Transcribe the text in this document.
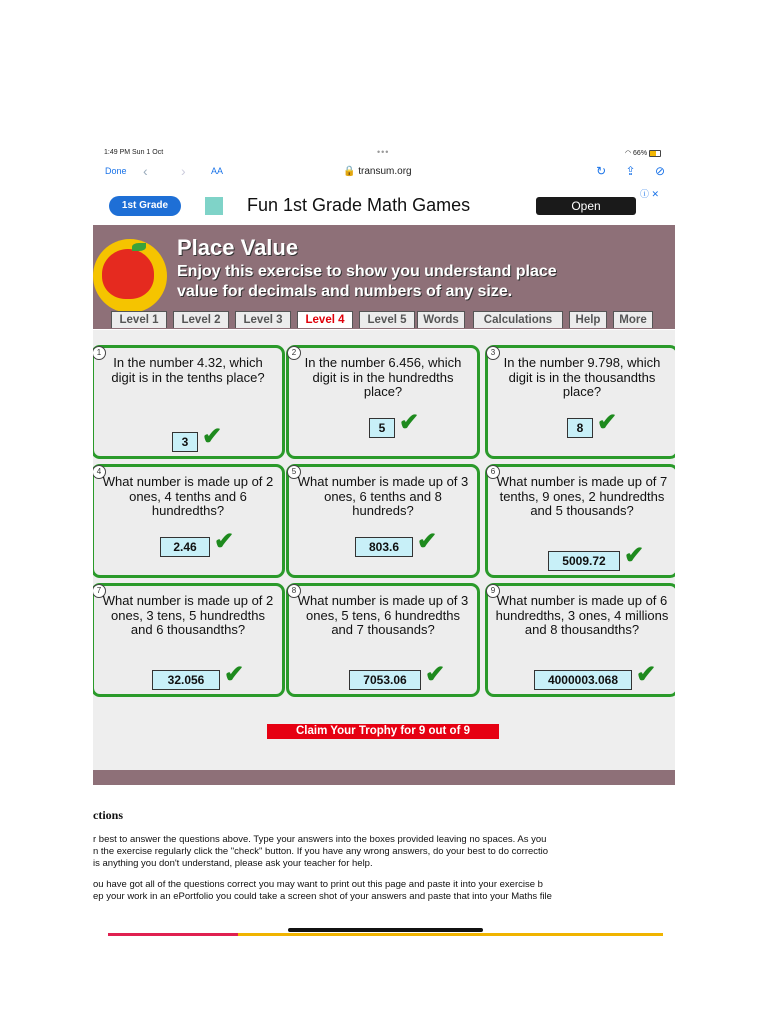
1:49 PM Sun 1 Oct	•••	◠ 66%
Done ‹ ›	AA	🔒 transum.org	↻ ⇪ ⊘
1st Grade	Fun 1st Grade Math Games	Open
ⓘ ✕
Place Value
Enjoy this exercise to show you understand place
value for decimals and numbers of any size.
Level 1	Level 2	Level 3	Level 4	Level 5	Words	Calculations	Help	More
1
In the number 4.32, which digit is in the tenths place?
3 ✔
2
In the number 6.456, which digit is in the hundredths place?
5 ✔
3
In the number 9.798, which digit is in the thousandths place?
8 ✔
4
What number is made up of 2 ones, 4 tenths and 6 hundredths?
2.46 ✔
5
What number is made up of 3 ones, 6 tenths and 8 hundreds?
803.6 ✔
6
What number is made up of 7 tenths, 9 ones, 2 hundredths and 5 thousands?
5009.72 ✔
7
What number is made up of 2 ones, 3 tens, 5 hundredths and 6 thousandths?
32.056 ✔
8
What number is made up of 3 ones, 5 tens, 6 hundredths and 7 thousands?
7053.06 ✔
9
What number is made up of 6 hundredths, 3 ones, 4 millions and 8 thousandths?
4000003.068 ✔
Claim Your Trophy for 9 out of 9
ctions
r best to answer the questions above. Type your answers into the boxes provided leaving no spaces. As you
n the exercise regularly click the "check" button. If you have any wrong answers, do your best to do correctio
is anything you don't understand, please ask your teacher for help.
ou have got all of the questions correct you may want to print out this page and paste it into your exercise b
ep your work in an ePortfolio you could take a screen shot of your answers and paste that into your Maths file
